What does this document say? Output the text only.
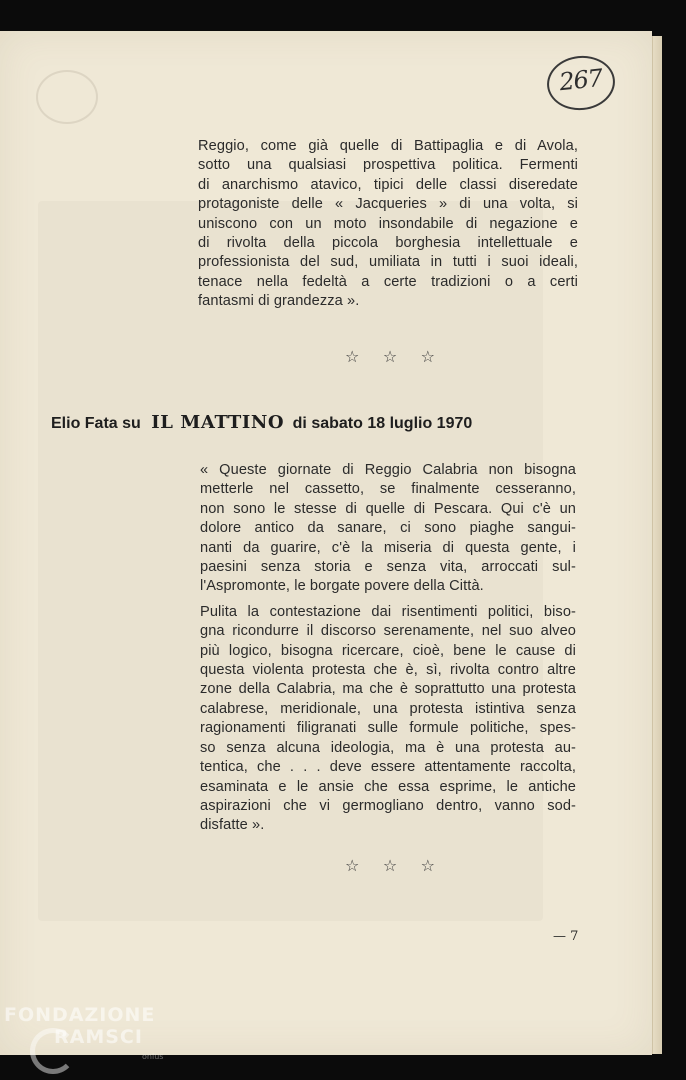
267
Reggio, come già quelle di Battipaglia e di Avola,
sotto una qualsiasi prospettiva politica. Fermenti
di anarchismo atavico, tipici delle classi diseredate
protagoniste delle « Jacqueries » di una volta, si
uniscono con un moto insondabile di negazione e
di rivolta della piccola borghesia intellettuale e
professionista del sud, umiliata in tutti i suoi ideali,
tenace nella fedeltà a certe tradizioni o a certi
fantasmi di grandezza ».
☆ ☆ ☆
Elio Fata su IL MATTINO di sabato 18 luglio 1970
« Queste giornate di Reggio Calabria non bisogna
metterle nel cassetto, se finalmente cesseranno,
non sono le stesse di quelle di Pescara. Qui c'è un
dolore antico da sanare, ci sono piaghe sangui-
nanti da guarire, c'è la miseria di questa gente, i
paesini senza storia e senza vita, arroccati sul-
l'Aspromonte, le borgate povere della Città.
Pulita la contestazione dai risentimenti politici, biso-
gna ricondurre il discorso serenamente, nel suo alveo
più logico, bisogna ricercare, cioè, bene le cause di
questa violenta protesta che è, sì, rivolta contro altre
zone della Calabria, ma che è soprattutto una protesta
calabrese, meridionale, una protesta istintiva senza
ragionamenti filigranati sulle formule politiche, spes-
so senza alcuna ideologia, ma è una protesta au-
tentica, che . . . deve essere attentamente raccolta,
esaminata e le ansie che essa esprime, le antiche
aspirazioni che vi germogliano dentro, vanno sod-
disfatte ».
☆ ☆ ☆
— 7
FONDAZIONE
RAMSCI
onlus
